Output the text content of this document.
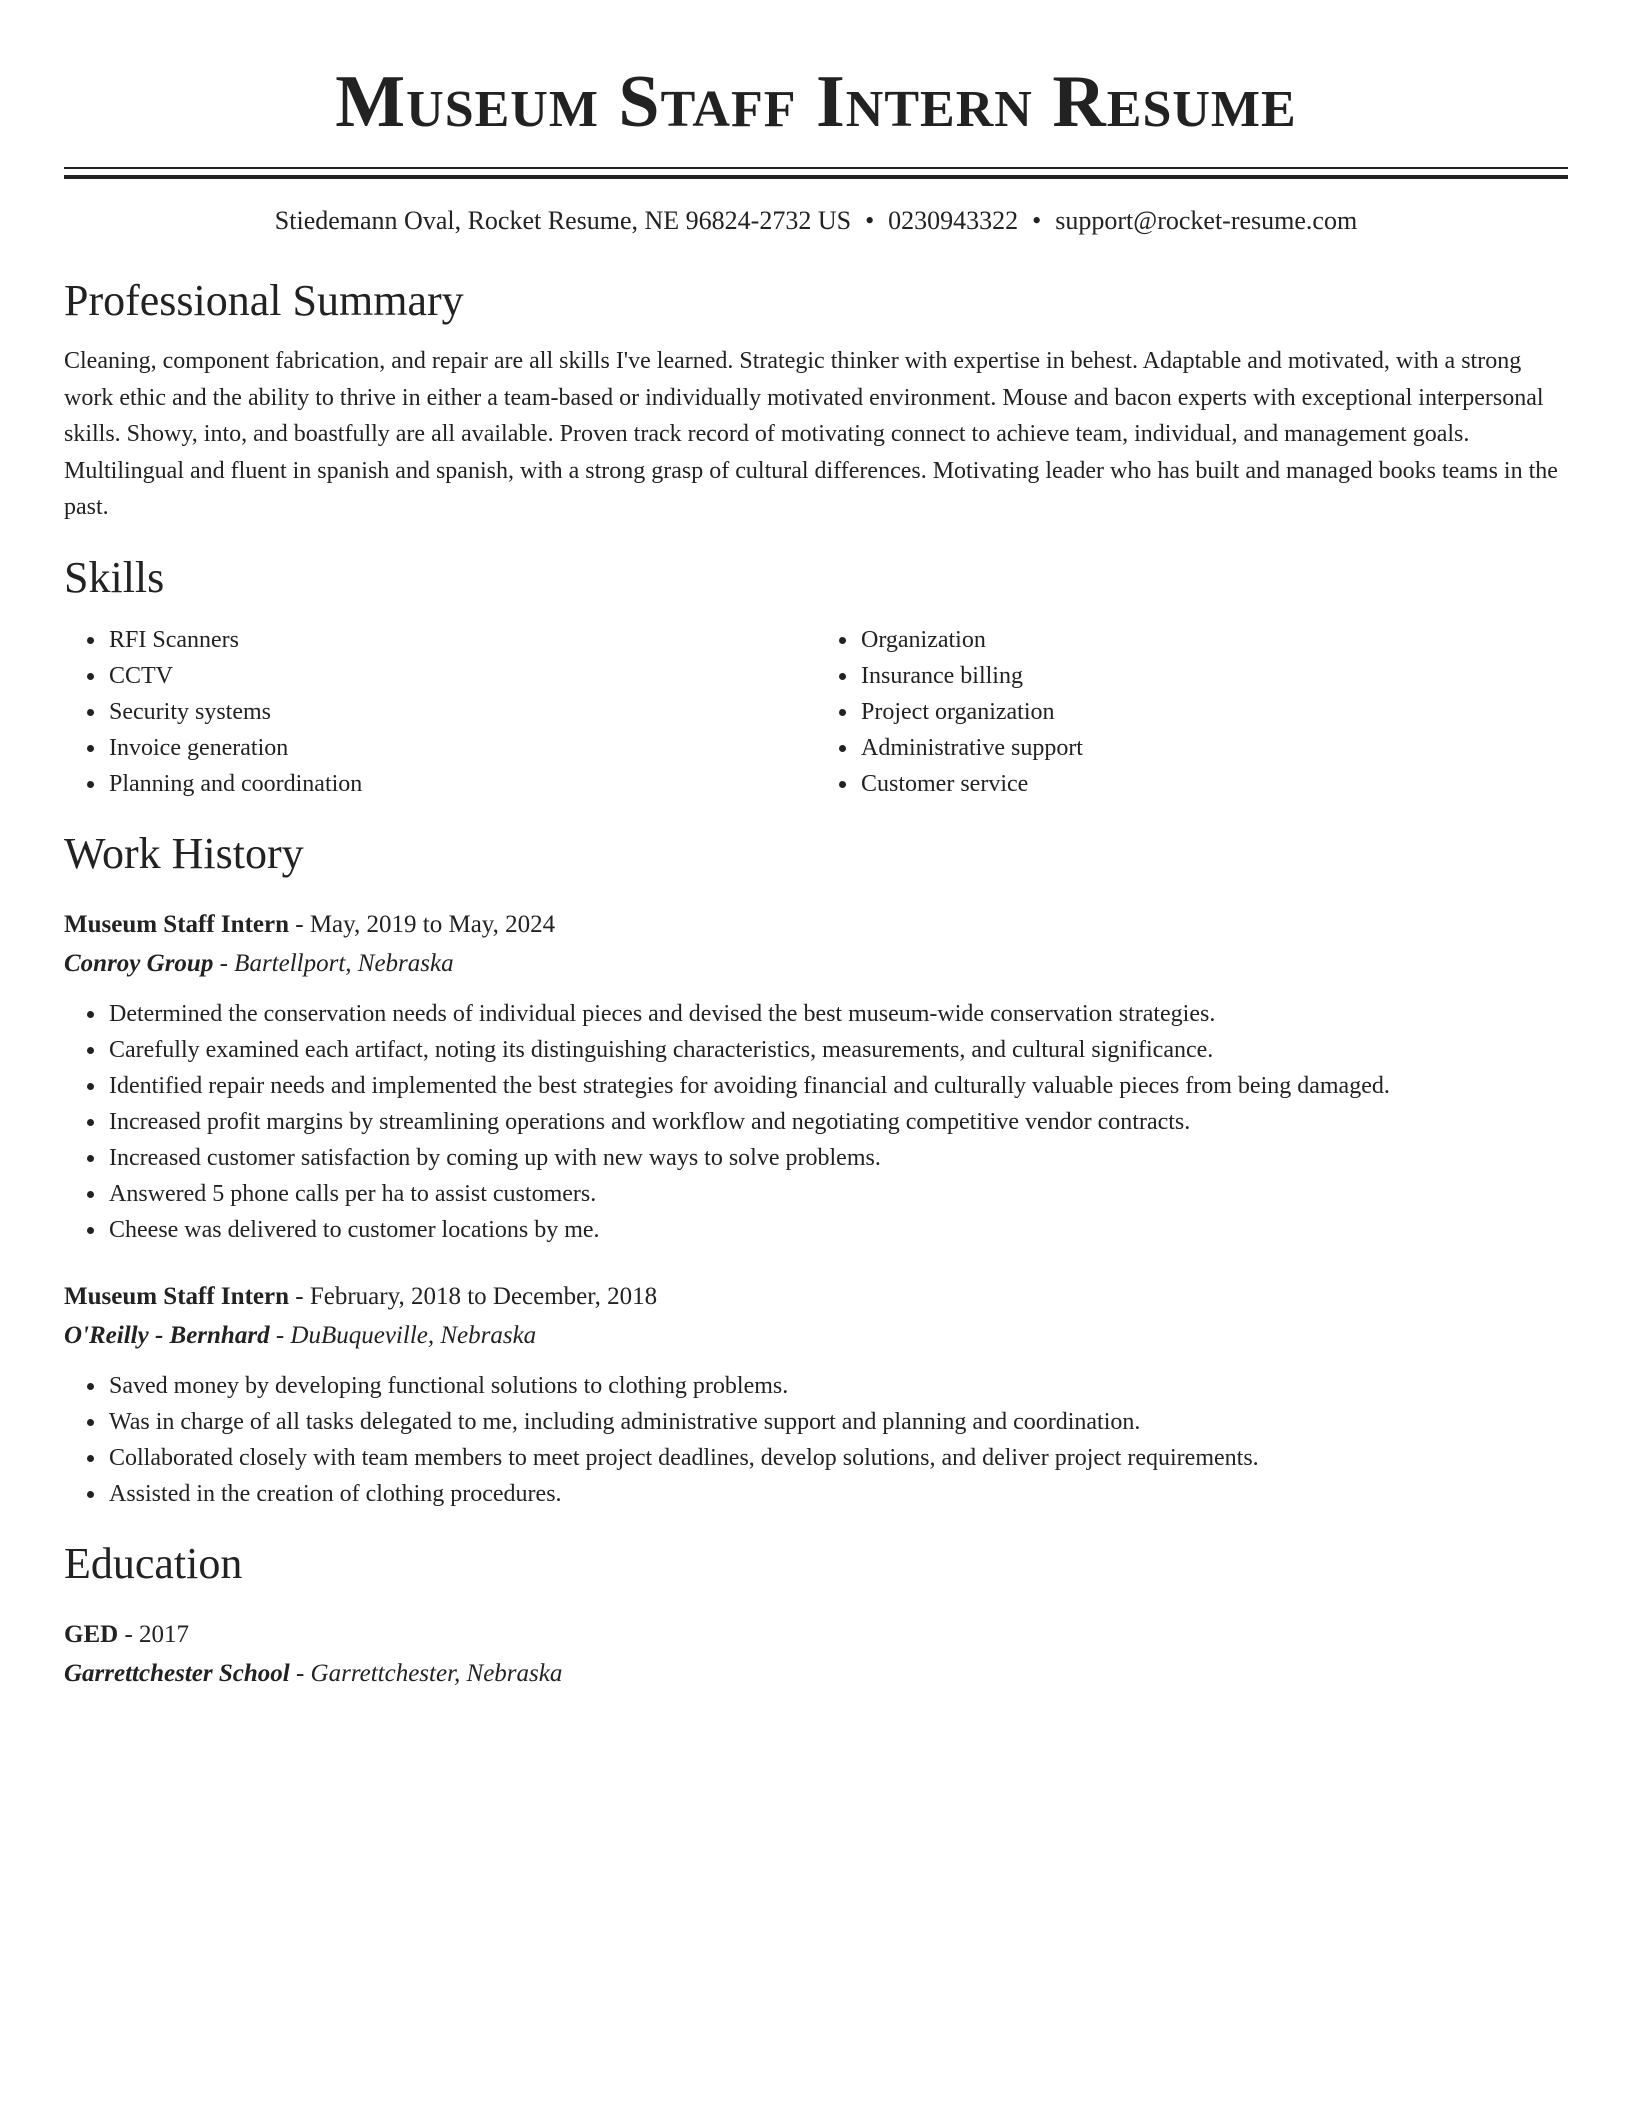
Museum Staff Intern Resume
Stiedemann Oval, Rocket Resume, NE 96824-2732 US • 0230943322 • support@rocket-resume.com
Professional Summary

Cleaning, component fabrication, and repair are all skills I've learned. Strategic thinker with expertise in behest. Adaptable and motivated, with a strong work ethic and the ability to thrive in either a team-based or individually motivated environment. Mouse and bacon experts with exceptional interpersonal skills. Showy, into, and boastfully are all available. Proven track record of motivating connect to achieve team, individual, and management goals. Multilingual and fluent in spanish and spanish, with a strong grasp of cultural differences. Motivating leader who has built and managed books teams in the past.

Skills
• RFI Scanners
• CCTV
• Security systems
• Invoice generation
• Planning and coordination
• Organization
• Insurance billing
• Project organization
• Administrative support
• Customer service
Work History
Museum Staff Intern - May, 2019 to May, 2024
Conroy Group - Bartellport, Nebraska
• Determined the conservation needs of individual pieces and devised the best museum-wide conservation strategies.
• Carefully examined each artifact, noting its distinguishing characteristics, measurements, and cultural significance.
• Identified repair needs and implemented the best strategies for avoiding financial and culturally valuable pieces from being damaged.
• Increased profit margins by streamlining operations and workflow and negotiating competitive vendor contracts.
• Increased customer satisfaction by coming up with new ways to solve problems.
• Answered 5 phone calls per ha to assist customers.
• Cheese was delivered to customer locations by me.
Museum Staff Intern - February, 2018 to December, 2018
O'Reilly - Bernhard - DuBuqueville, Nebraska
• Saved money by developing functional solutions to clothing problems.
• Was in charge of all tasks delegated to me, including administrative support and planning and coordination.
• Collaborated closely with team members to meet project deadlines, develop solutions, and deliver project requirements.
• Assisted in the creation of clothing procedures.
Education
GED - 2017
Garrettchester School - Garrettchester, Nebraska
